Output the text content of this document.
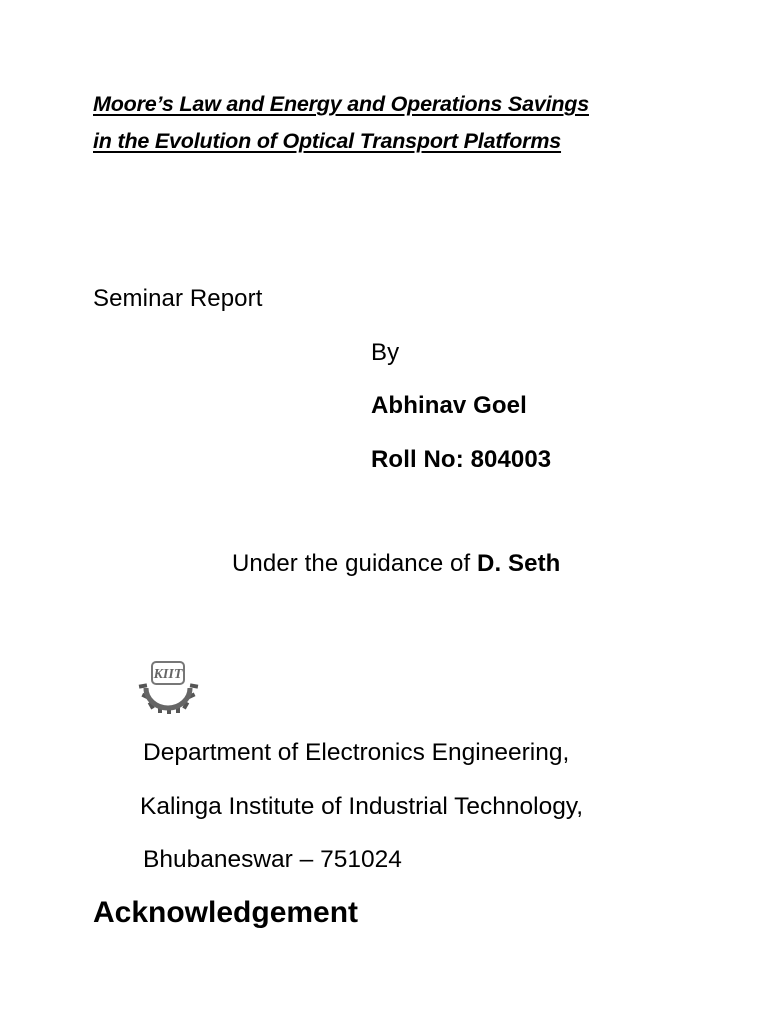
Moore’s Law and Energy and Operations Savings
in the Evolution of Optical Transport Platforms
Seminar Report
By
Abhinav Goel
Roll No: 804003
Under the guidance of D. Seth
KIIT
Department of Electronics Engineering,
Kalinga Institute of Industrial Technology,
Bhubaneswar – 751024
Acknowledgement
